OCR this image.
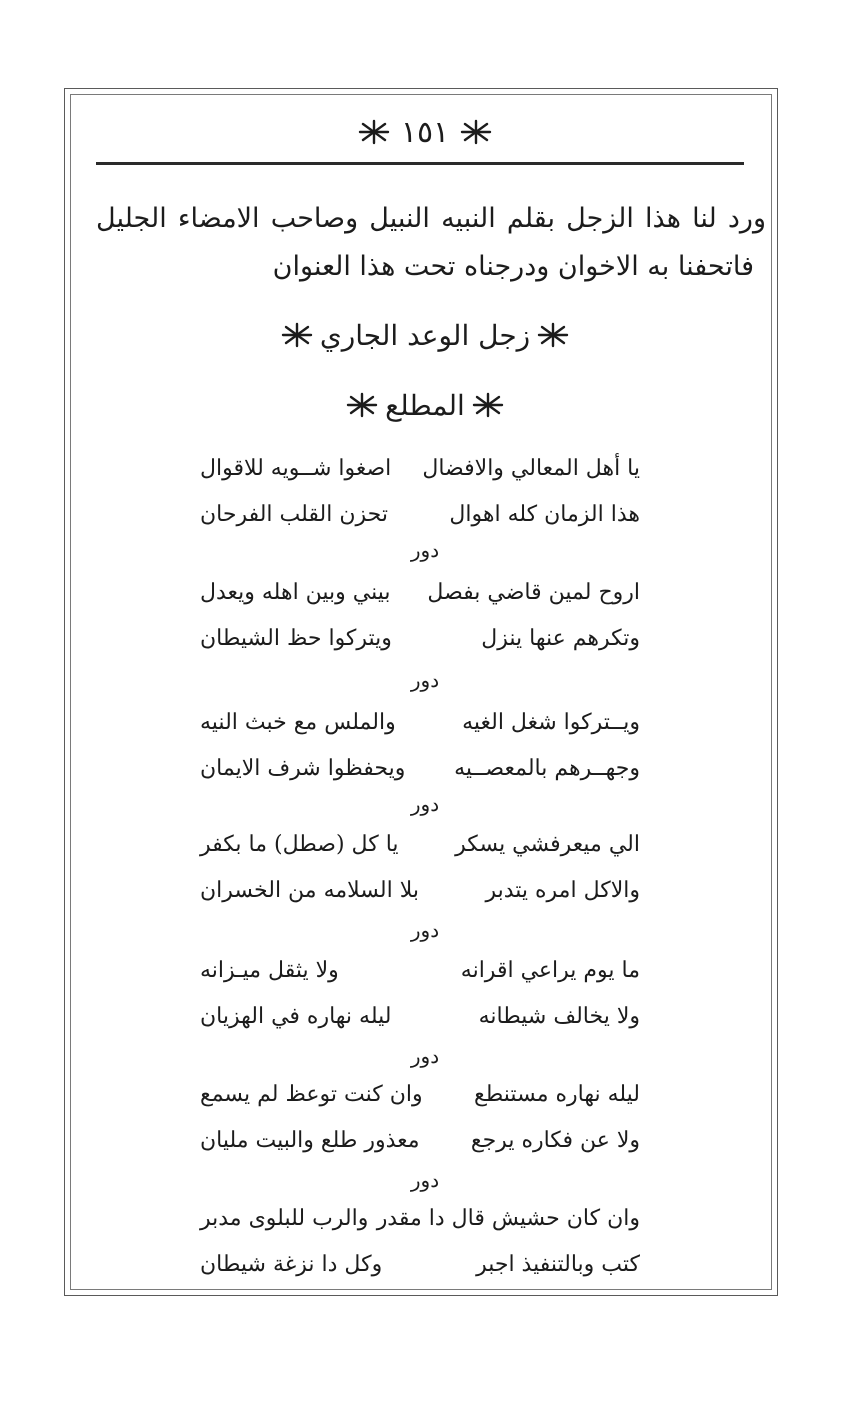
١٥١
ورد لنا هذا الزجل بقلم النبيه النبيل وصاحب الامضاء الجليل
فاتحفنا به الاخوان ودرجناه تحت هذا العنوان
زجل الوعد الجاري
المطلع
يا أهل المعالي والافضال
اصغوا شــويه للاقوال
هذا الزمان كله اهوال
تحزن القلب الفرحان
دور
اروح لمين قاضي بفصل
بيني وبين اهله ويعدل
وتكرهم عنها ينزل
ويتركوا حظ الشيطان
دور
ويــتركوا شغل الغيه
والملس مع خبث النيه
وجهــرهم بالمعصــيه
ويحفظوا شرف الايمان
دور
الي ميعرفشي يسكر
يا كل (صطل) ما بكفر
والاكل امره يتدبر
بلا السلامه من الخسران
دور
ما يوم يراعي اقرانه
ولا يثقل ميـزانه
ولا يخالف شيطانه
ليله نهاره في الهزيان
دور
ليله نهاره مستنطع
وان كنت توعظ لم يسمع
ولا عن فكاره يرجع
معذور طلع والبيت مليان
دور
وان كان حشيش قال دا مقدر
والرب للبلوى مدبر
كتب وبالتنفيذ اجبر
وكل دا نزغة شيطان
